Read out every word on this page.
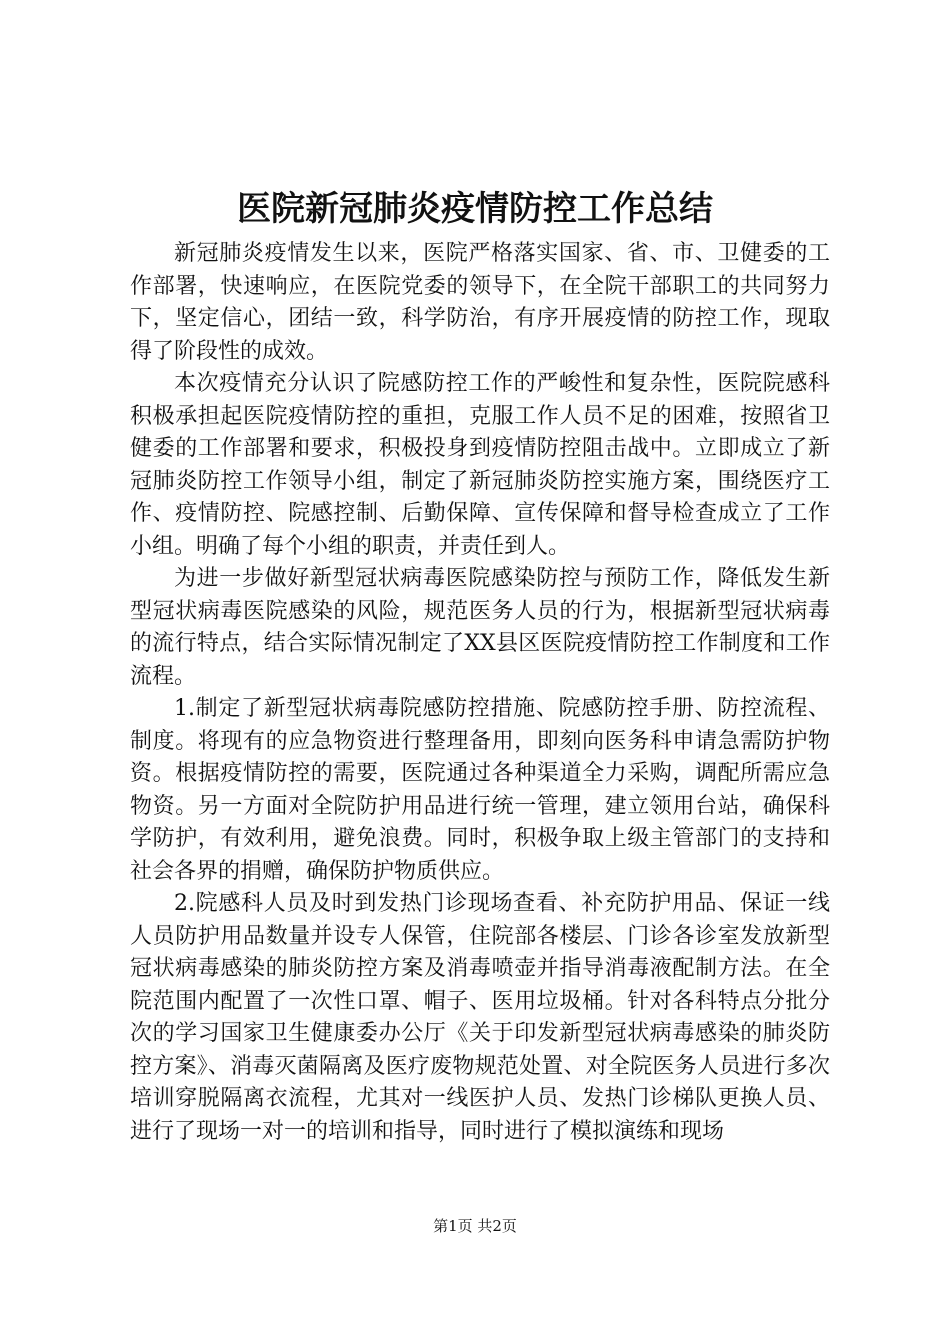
医院新冠肺炎疫情防控工作总结

新冠肺炎疫情发生以来，医院严格落实国家、省、市、卫健委的工作部署，快速响应，在医院党委的领导下，在全院干部职工的共同努力下，坚定信心，团结一致，科学防治，有序开展疫情的防控工作，现取得了阶段性的成效。

本次疫情充分认识了院感防控工作的严峻性和复杂性，医院院感科积极承担起医院疫情防控的重担，克服工作人员不足的困难，按照省卫健委的工作部署和要求，积极投身到疫情防控阻击战中。立即成立了新冠肺炎防控工作领导小组，制定了新冠肺炎防控实施方案，围绕医疗工作、疫情防控、院感控制、后勤保障、宣传保障和督导检查成立了工作小组。明确了每个小组的职责，并责任到人。

为进一步做好新型冠状病毒医院感染防控与预防工作，降低发生新型冠状病毒医院感染的风险，规范医务人员的行为，根据新型冠状病毒的流行特点，结合实际情况制定了XX县区医院疫情防控工作制度和工作流程。

1.制定了新型冠状病毒院感防控措施、院感防控手册、防控流程、制度。将现有的应急物资进行整理备用，即刻向医务科申请急需防护物资。根据疫情防控的需要，医院通过各种渠道全力采购，调配所需应急物资。另一方面对全院防护用品进行统一管理，建立领用台站，确保科学防护，有效利用，避免浪费。同时，积极争取上级主管部门的支持和社会各界的捐赠，确保防护物质供应。

2.院感科人员及时到发热门诊现场查看、补充防护用品、保证一线人员防护用品数量并设专人保管，住院部各楼层、门诊各诊室发放新型冠状病毒感染的肺炎防控方案及消毒喷壶并指导消毒液配制方法。在全院范围内配置了一次性口罩、帽子、医用垃圾桶。针对各科特点分批分次的学习国家卫生健康委办公厅《关于印发新型冠状病毒感染的肺炎防控方案》、消毒灭菌隔离及医疗废物规范处置、对全院医务人员进行多次培训穿脱隔离衣流程，尤其对一线医护人员、发热门诊梯队更换人员、进行了现场一对一的培训和指导，同时进行了模拟演练和现场

第1页 共2页
